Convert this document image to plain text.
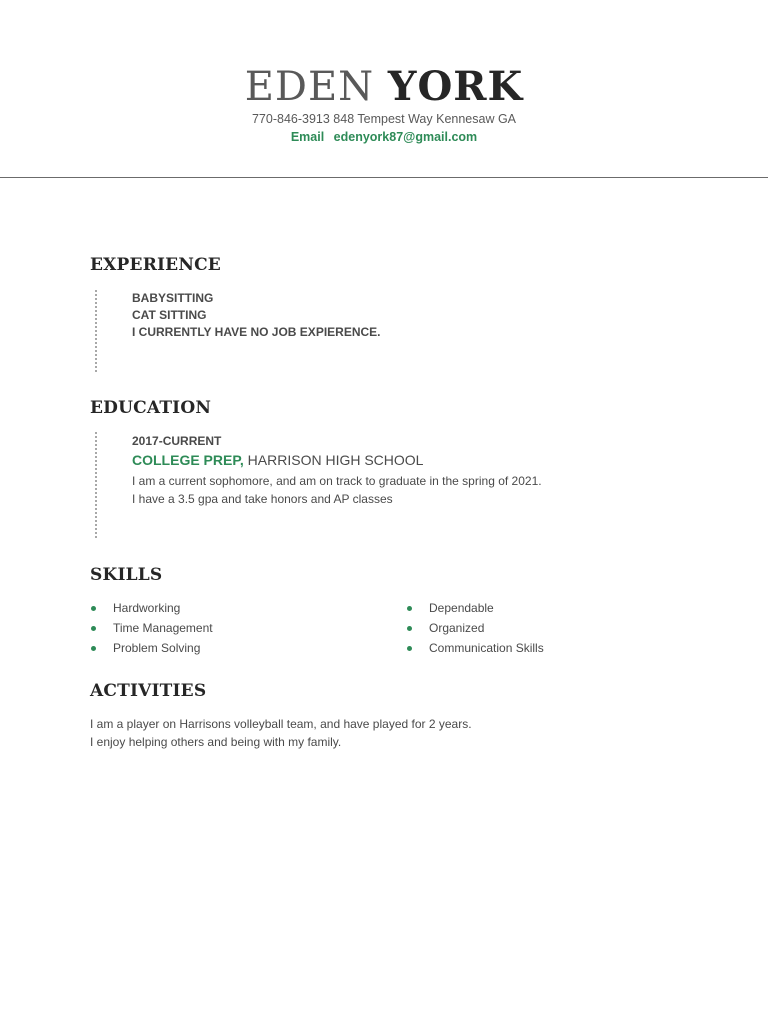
EDEN YORK
770-846-3913 848 Tempest Way Kennesaw GA
Email edenyork87@gmail.com
EXPERIENCE
BABYSITTING
CAT SITTING
I CURRENTLY HAVE NO JOB EXPIERENCE.
EDUCATION
2017-CURRENT
COLLEGE PREP, HARRISON HIGH SCHOOL
I am a current sophomore, and am on track to graduate in the spring of 2021.
I have a 3.5 gpa and take honors and AP classes
SKILLS
Hardworking
Time Management
Problem Solving
Dependable
Organized
Communication Skills
ACTIVITIES
I am a player on Harrisons volleyball team, and have played for 2 years.
I enjoy helping others and being with my family.
